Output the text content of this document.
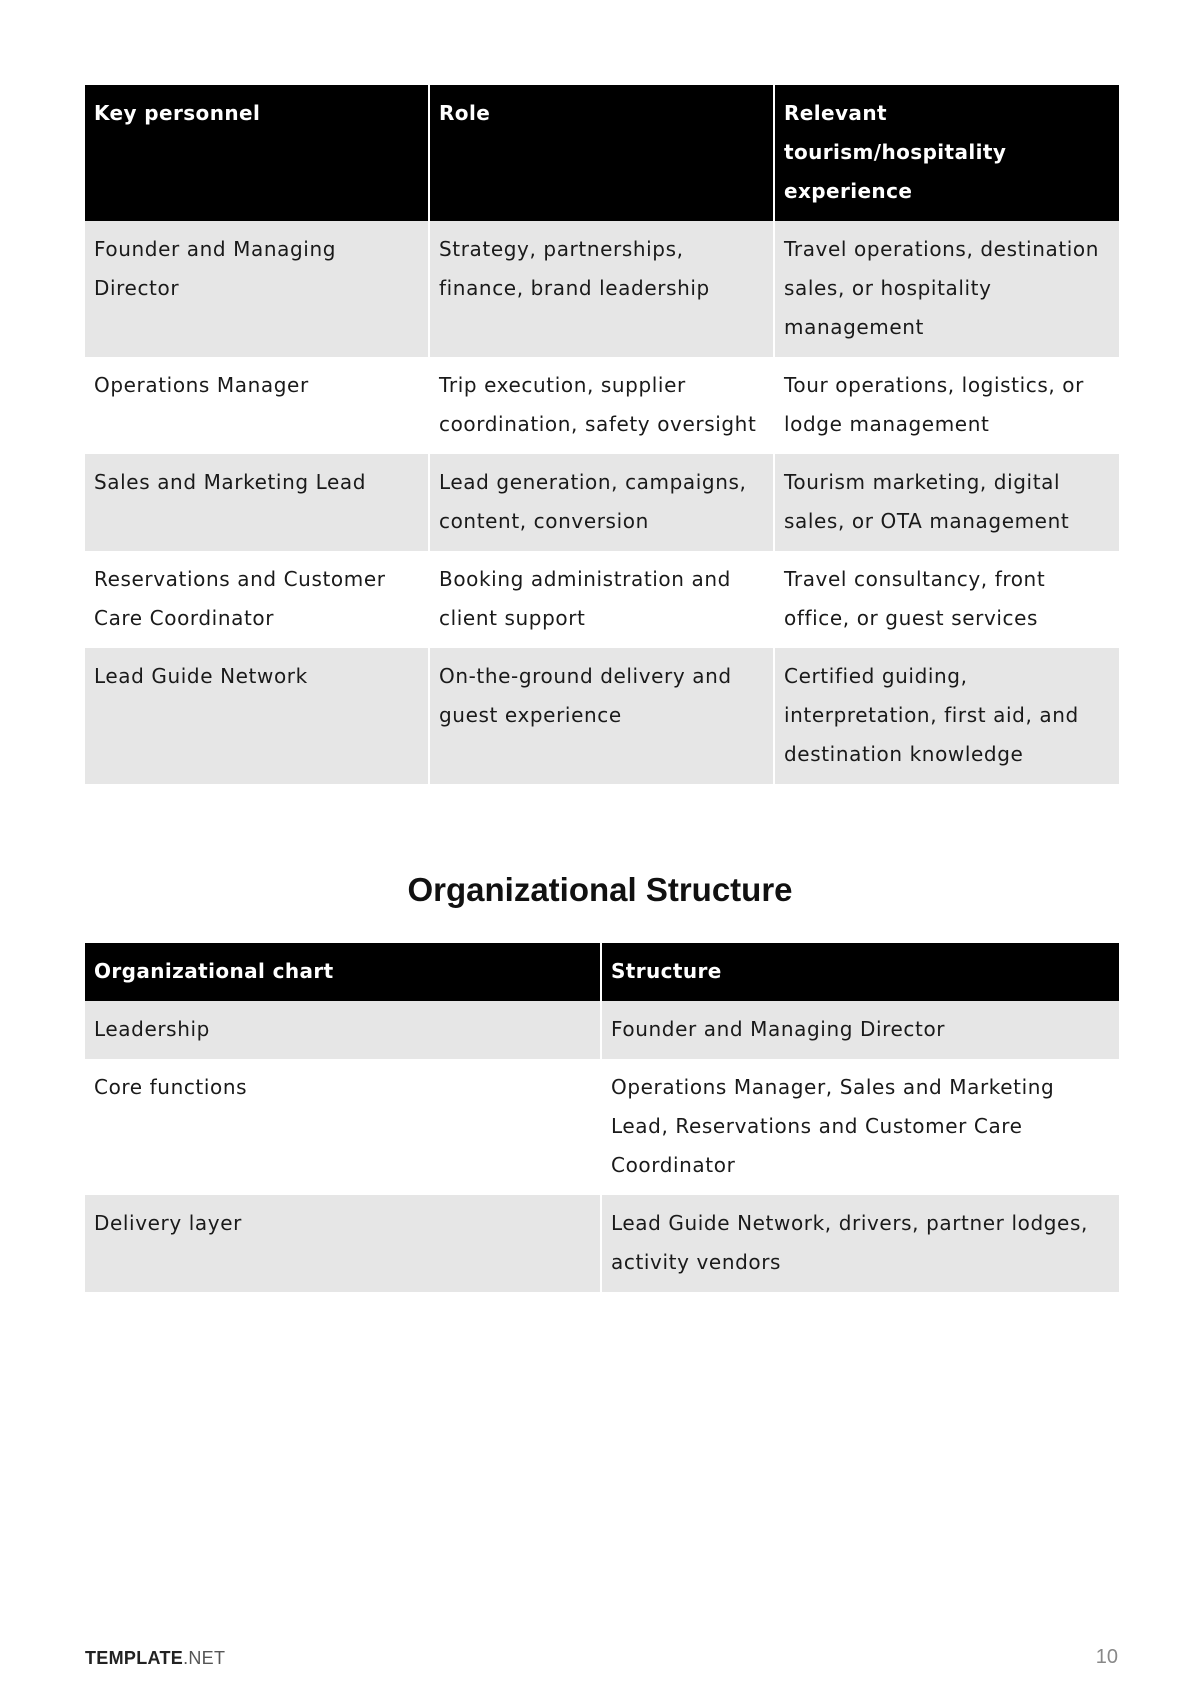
Key personnel	Role	Relevant tourism/hospitality experience
Founder and Managing Director	Strategy, partnerships, finance, brand leadership	Travel operations, destination sales, or hospitality management
Operations Manager	Trip execution, supplier coordination, safety oversight	Tour operations, logistics, or lodge management
Sales and Marketing Lead	Lead generation, campaigns, content, conversion	Tourism marketing, digital sales, or OTA management
Reservations and Customer Care Coordinator	Booking administration and client support	Travel consultancy, front office, or guest services
Lead Guide Network	On-the-ground delivery and guest experience	Certified guiding, interpretation, first aid, and destination knowledge
Organizational Structure
Organizational chart	Structure
Leadership	Founder and Managing Director
Core functions	Operations Manager, Sales and Marketing Lead, Reservations and Customer Care Coordinator
Delivery layer	Lead Guide Network, drivers, partner lodges, activity vendors
TEMPLATE.NET	10
